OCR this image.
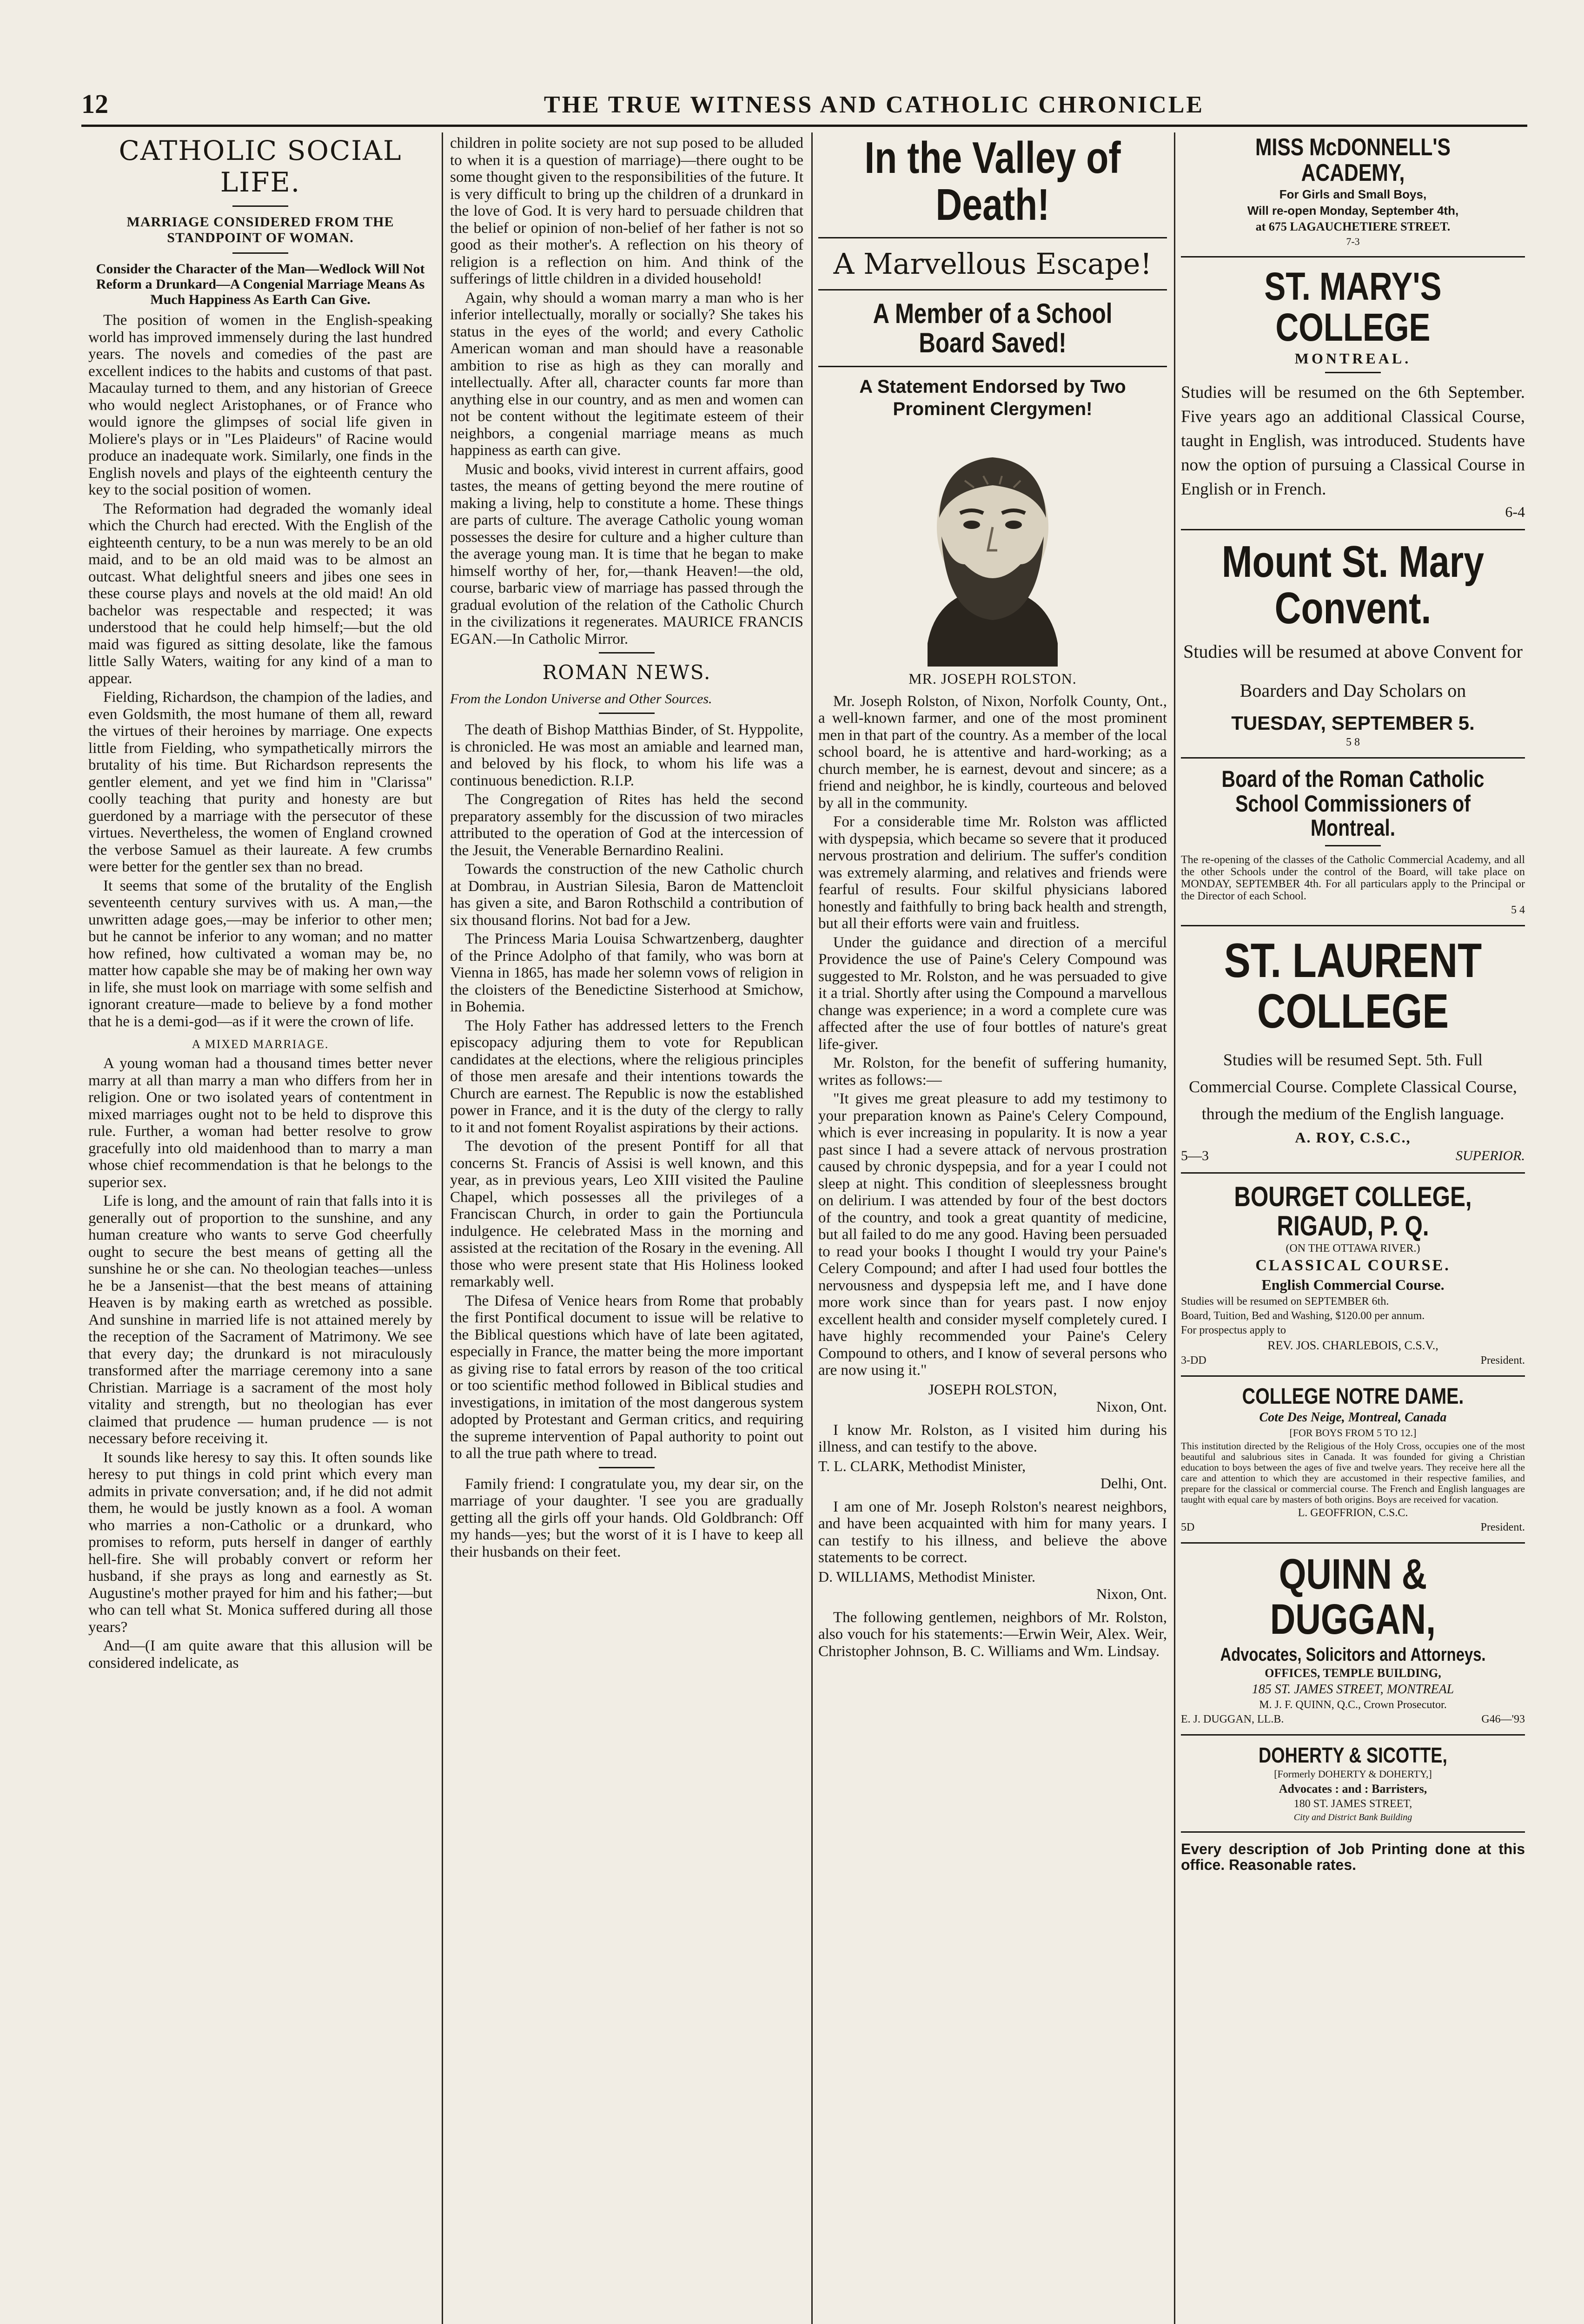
12	THE TRUE WITNESS AND CATHOLIC CHRONICLE
CATHOLIC SOCIAL LIFE.
MARRIAGE CONSIDERED FROM THE STANDPOINT OF WOMAN.
Consider the Character of the Man—Wedlock Will Not Reform a Drunkard—A Congenial Marriage Means As Much Happiness As Earth Can Give.

The position of women in the English-speaking world has improved immensely during the last hundred years. The novels and comedies of the past are excellent indices to the habits and customs of that past. Macaulay turned to them, and any historian of Greece who would neglect Aristophanes, or of France who would ignore the glimpses of social life given in Moliere's plays or in "Les Plaideurs" of Racine would produce an inadequate work. Similarly, one finds in the English novels and plays of the eighteenth century the key to the social position of women.

The Reformation had degraded the womanly ideal which the Church had erected. With the English of the eighteenth century, to be a nun was merely to be an old maid, and to be an old maid was to be almost an outcast. What delightful sneers and jibes one sees in these course plays and novels at the old maid! An old bachelor was respectable and respected; it was understood that he could help himself;—but the old maid was figured as sitting desolate, like the famous little Sally Waters, waiting for any kind of a man to appear.

Fielding, Richardson, the champion of the ladies, and even Goldsmith, the most humane of them all, reward the virtues of their heroines by marriage. One expects little from Fielding, who sympathetically mirrors the brutality of his time. But Richardson represents the gentler element, and yet we find him in "Clarissa" coolly teaching that purity and honesty are but guerdoned by a marriage with the persecutor of these virtues. Nevertheless, the women of England crowned the verbose Samuel as their laureate. A few crumbs were better for the gentler sex than no bread.

It seems that some of the brutality of the English seventeenth century survives with us. A man,—the unwritten adage goes,—may be inferior to other men; but he cannot be inferior to any woman; and no matter how refined, how cultivated a woman may be, no matter how capable she may be of making her own way in life, she must look on marriage with some selfish and ignorant creature—made to believe by a fond mother that he is a demi-god—as if it were the crown of life.

A MIXED MARRIAGE.

A young woman had a thousand times better never marry at all than marry a man who differs from her in religion. One or two isolated years of contentment in mixed marriages ought not to be held to disprove this rule. Further, a woman had better resolve to grow gracefully into old maidenhood than to marry a man whose chief recommendation is that he belongs to the superior sex.

Life is long, and the amount of rain that falls into it is generally out of proportion to the sunshine, and any human creature who wants to serve God cheerfully ought to secure the best means of getting all the sunshine he or she can. No theologian teaches—unless he be a Jansenist—that the best means of attaining Heaven is by making earth as wretched as possible. And sunshine in married life is not attained merely by the reception of the Sacrament of Matrimony. We see that every day; the drunkard is not miraculously transformed after the marriage ceremony into a sane Christian. Marriage is a sacrament of the most holy vitality and strength, but no theologian has ever claimed that prudence — human prudence — is not necessary before receiving it.

It sounds like heresy to say this. It often sounds like heresy to put things in cold print which every man admits in private conversation; and, if he did not admit them, he would be justly known as a fool. A woman who marries a non-Catholic or a drunkard, who promises to reform, puts herself in danger of earthly hell-fire. She will probably convert or reform her husband, if she prays as long and earnestly as St. Augustine's mother prayed for him and his father;—but who can tell what St. Monica suffered during all those years?

And—(I am quite aware that this allusion will be considered indelicate, as

children in polite society are not sup posed to be alluded to when it is a question of marriage)—there ought to be some thought given to the responsibilities of the future. It is very difficult to bring up the children of a drunkard in the love of God. It is very hard to persuade children that the belief or opinion of non-belief of her father is not so good as their mother's. A reflection on his theory of religion is a reflection on him. And think of the sufferings of little children in a divided household!

Again, why should a woman marry a man who is her inferior intellectually, morally or socially? She takes his status in the eyes of the world; and every Catholic American woman and man should have a reasonable ambition to rise as high as they can morally and intellectually. After all, character counts far more than anything else in our country, and as men and women can not be content without the legitimate esteem of their neighbors, a congenial marriage means as much happiness as earth can give.

Music and books, vivid interest in current affairs, good tastes, the means of getting beyond the mere routine of making a living, help to constitute a home. These things are parts of culture. The average Catholic young woman possesses the desire for culture and a higher culture than the average young man. It is time that he began to make himself worthy of her, for,—thank Heaven!—the old, course, barbaric view of marriage has passed through the gradual evolution of the relation of the Catholic Church in the civilizations it regenerates. MAURICE FRANCIS EGAN.—In Catholic Mirror.

ROMAN NEWS.
From the London Universe and Other Sources.

The death of Bishop Matthias Binder, of St. Hyppolite, is chronicled. He was most an amiable and learned man, and beloved by his flock, to whom his life was a continuous benediction. R.I.P.

The Congregation of Rites has held the second preparatory assembly for the discussion of two miracles attributed to the operation of God at the intercession of the Jesuit, the Venerable Bernardino Realini.

Towards the construction of the new Catholic church at Dombrau, in Austrian Silesia, Baron de Mattencloit has given a site, and Baron Rothschild a contribution of six thousand florins. Not bad for a Jew.

The Princess Maria Louisa Schwartzenberg, daughter of the Prince Adolpho of that family, who was born at Vienna in 1865, has made her solemn vows of religion in the cloisters of the Benedictine Sisterhood at Smichow, in Bohemia.

The Holy Father has addressed letters to the French episcopacy adjuring them to vote for Republican candidates at the elections, where the religious principles of those men aresafe and their intentions towards the Church are earnest. The Republic is now the established power in France, and it is the duty of the clergy to rally to it and not foment Royalist aspirations by their actions.

The devotion of the present Pontiff for all that concerns St. Francis of Assisi is well known, and this year, as in previous years, Leo XIII visited the Pauline Chapel, which possesses all the privileges of a Franciscan Church, in order to gain the Portiuncula indulgence. He celebrated Mass in the morning and assisted at the recitation of the Rosary in the evening. All those who were present state that His Holiness looked remarkably well.

The Difesa of Venice hears from Rome that probably the first Pontifical document to issue will be relative to the Biblical questions which have of late been agitated, especially in France, the matter being the more important as giving rise to fatal errors by reason of the too critical or too scientific method followed in Biblical studies and investigations, in imitation of the most dangerous system adopted by Protestant and German critics, and requiring the supreme intervention of Papal authority to point out to all the true path where to tread.

Family friend: I congratulate you, my dear sir, on the marriage of your daughter. 'I see you are gradually getting all the girls off your hands. Old Goldbranch: Off my hands—yes; but the worst of it is I have to keep all their husbands on their feet.

In the Valley of Death!
A Marvellous Escape!
A Member of a School Board Saved!
A Statement Endorsed by Two Prominent Clergymen!
MR. JOSEPH ROLSTON.

Mr. Joseph Rolston, of Nixon, Norfolk County, Ont., a well-known farmer, and one of the most prominent men in that part of the country. As a member of the local school board, he is attentive and hard-working; as a church member, he is earnest, devout and sincere; as a friend and neighbor, he is kindly, courteous and beloved by all in the community.

For a considerable time Mr. Rolston was afflicted with dyspepsia, which became so severe that it produced nervous prostration and delirium. The suffer's condition was extremely alarming, and relatives and friends were fearful of results. Four skilful physicians labored honestly and faithfully to bring back health and strength, but all their efforts were vain and fruitless.

Under the guidance and direction of a merciful Providence the use of Paine's Celery Compound was suggested to Mr. Rolston, and he was persuaded to give it a trial. Shortly after using the Compound a marvellous change was experience; in a word a complete cure was affected after the use of four bottles of nature's great life-giver.

Mr. Rolston, for the benefit of suffering humanity, writes as follows:—

"It gives me great pleasure to add my testimony to your preparation known as Paine's Celery Compound, which is ever increasing in popularity. It is now a year past since I had a severe attack of nervous prostration caused by chronic dyspepsia, and for a year I could not sleep at night. This condition of sleeplessness brought on delirium. I was attended by four of the best doctors of the country, and took a great quantity of medicine, but all failed to do me any good. Having been persuaded to read your books I thought I would try your Paine's Celery Compound; and after I had used four bottles the nervousness and dyspepsia left me, and I have done more work since than for years past. I now enjoy excellent health and consider myself completely cured. I have highly recommended your Paine's Celery Compound to others, and I know of several persons who are now using it."

JOSEPH ROLSTON,
Nixon, Ont.

I know Mr. Rolston, as I visited him during his illness, and can testify to the above.

T. L. CLARK, Methodist Minister,
Delhi, Ont.

I am one of Mr. Joseph Rolston's nearest neighbors, and have been acquainted with him for many years. I can testify to his illness, and believe the above statements to be correct.

D. WILLIAMS, Methodist Minister.
Nixon, Ont.

The following gentlemen, neighbors of Mr. Rolston, also vouch for his statements:—Erwin Weir, Alex. Weir, Christopher Johnson, B. C. Williams and Wm. Lindsay.

MISS McDONNELL'S ACADEMY,
For Girls and Small Boys,
Will re-open Monday, September 4th,
at 675 LAGAUCHETIERE STREET.
7-3
ST. MARY'S COLLEGE
MONTREAL.
Studies will be resumed on the 6th September. Five years ago an additional Classical Course, taught in English, was introduced. Students have now the option of pursuing a Classical Course in English or in French.
6-4
Mount St. Mary Convent.
Studies will be resumed at above Convent for Boarders and Day Scholars on
TUESDAY, SEPTEMBER 5.
5 8
Board of the Roman Catholic School Commissioners of Montreal.
The re-opening of the classes of the Catholic Commercial Academy, and all the other Schools under the control of the Board, will take place on MONDAY, SEPTEMBER 4th. For all particulars apply to the Principal or the Director of each School.
5 4
ST. LAURENT COLLEGE
Studies will be resumed Sept. 5th. Full Commercial Course. Complete Classical Course, through the medium of the English language.
A. ROY, C.S.C.,
5—3	SUPERIOR.
BOURGET COLLEGE, RIGAUD, P. Q.
(ON THE OTTAWA RIVER.)
CLASSICAL COURSE.
English Commercial Course.
Studies will be resumed on SEPTEMBER 6th.
Board, Tuition, Bed and Washing, $120.00 per annum.
For prospectus apply to
REV. JOS. CHARLEBOIS, C.S.V.,
3-DD	President.
COLLEGE NOTRE DAME.
Cote Des Neige, Montreal, Canada
[FOR BOYS FROM 5 TO 12.]
This institution directed by the Religious of the Holy Cross, occupies one of the most beautiful and salubrious sites in Canada. It was founded for giving a Christian education to boys between the ages of five and twelve years. They receive here all the care and attention to which they are accustomed in their respective families, and prepare for the classical or commercial course. The French and English languages are taught with equal care by masters of both origins. Boys are received for vacation.
L. GEOFFRION, C.S.C.
5D	President.
QUINN & DUGGAN,
Advocates, Solicitors and Attorneys.
OFFICES, TEMPLE BUILDING,
185 ST. JAMES STREET, MONTREAL
M. J. F. QUINN, Q.C., Crown Prosecutor.
E. J. DUGGAN, LL.B.	G46—'93
DOHERTY & SICOTTE,
[Formerly DOHERTY & DOHERTY,]
Advocates : and : Barristers,
180 ST. JAMES STREET,
City and District Bank Building
Every description of Job Printing done at this office. Reasonable rates.
